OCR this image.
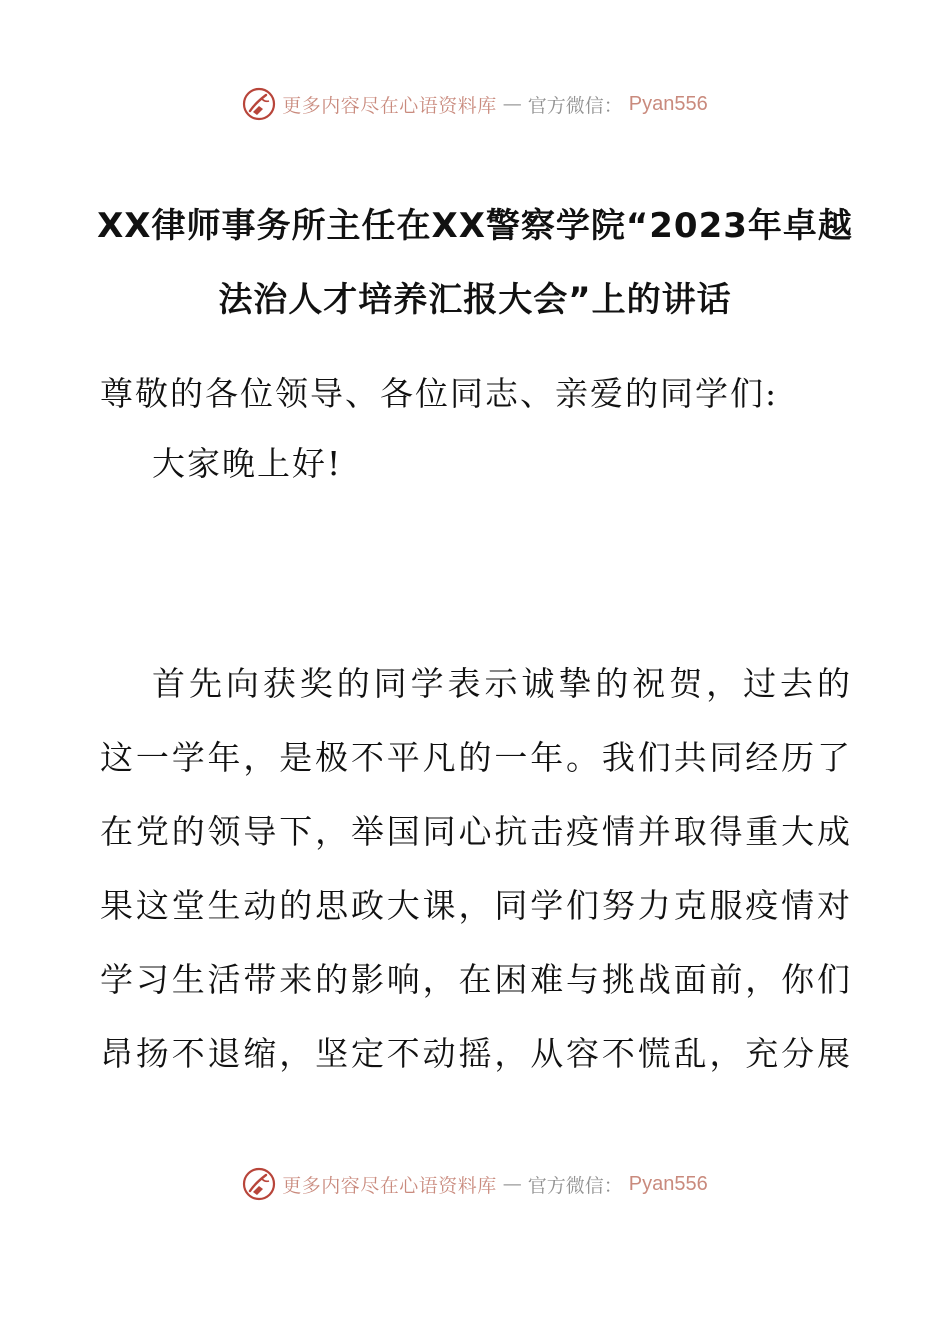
更多内容尽在心语资料库 — 官方微信： Pyan556
XX律师事务所主任在XX警察学院“2023年卓越
法治人才培养汇报大会”上的讲话
尊敬的各位领导、各位同志、亲爱的同学们:
大家晚上好!
首先向获奖的同学表示诚挚的祝贺，过去的
这一学年，是极不平凡的一年。我们共同经历了
在党的领导下，举国同心抗击疫情并取得重大成
果这堂生动的思政大课，同学们努力克服疫情对
学习生活带来的影响，在困难与挑战面前，你们
昂扬不退缩，坚定不动摇，从容不慌乱，充分展
更多内容尽在心语资料库 — 官方微信： Pyan556
